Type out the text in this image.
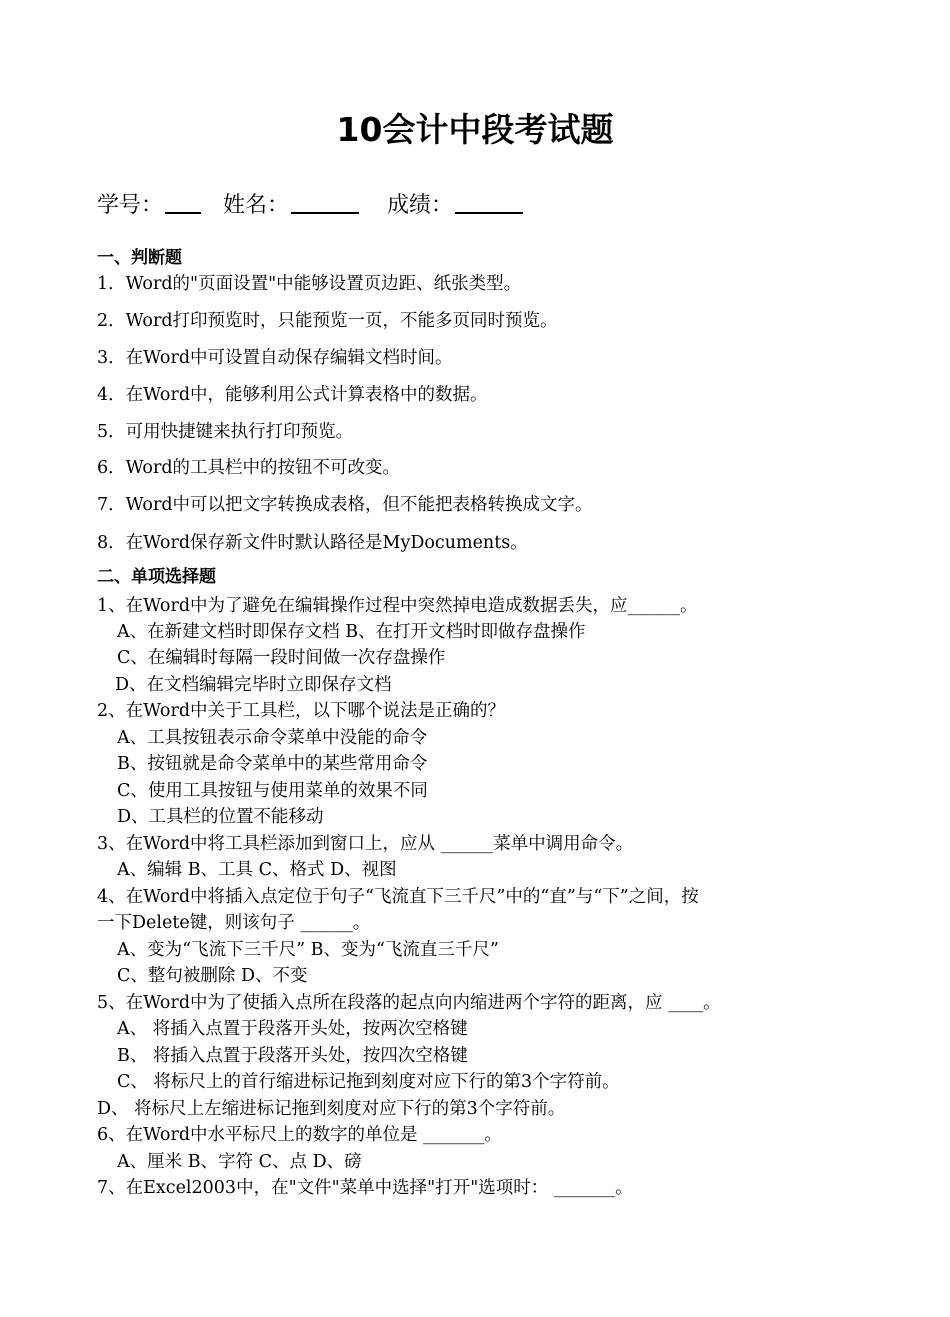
10会计中段考试题
学号：	姓名：	成绩：
一、判断题
1．Word的"页面设置"中能够设置页边距、纸张类型。
2．Word打印预览时，只能预览一页，不能多页同时预览。
3．在Word中可设置自动保存编辑文档时间。
4．在Word中，能够利用公式计算表格中的数据。
5．可用快捷键来执行打印预览。
6．Word的工具栏中的按钮不可改变。
7．Word中可以把文字转换成表格，但不能把表格转换成文字。
8．在Word保存新文件时默认路径是MyDocuments。
二、单项选择题
1、在Word中为了避免在编辑操作过程中突然掉电造成数据丢失，应______。
A、在新建文档时即保存文档 B、在打开文档时即做存盘操作
C、在编辑时每隔一段时间做一次存盘操作
D、在文档编辑完毕时立即保存文档
2、在Word中关于工具栏，以下哪个说法是正确的？
A、工具按钮表示命令菜单中没能的命令
B、按钮就是命令菜单中的某些常用命令
C、使用工具按钮与使用菜单的效果不同
D、工具栏的位置不能移动
3、在Word中将工具栏添加到窗口上，应从 ______菜单中调用命令。
A、编辑 B、工具 C、格式 D、视图
4、在Word中将插入点定位于句子“飞流直下三千尺”中的“直”与“下”之间，按
一下Delete键，则该句子 ______。
A、变为“飞流下三千尺” B、变为“飞流直三千尺”
C、整句被删除 D、不变
5、在Word中为了使插入点所在段落的起点向内缩进两个字符的距离，应 ____。
A、 将插入点置于段落开头处，按两次空格键
B、 将插入点置于段落开头处，按四次空格键
C、 将标尺上的首行缩进标记拖到刻度对应下行的第3个字符前。
D、 将标尺上左缩进标记拖到刻度对应下行的第3个字符前。
6、在Word中水平标尺上的数字的单位是 _______。
A、厘米 B、字符 C、点 D、磅
7、在Excel2003中，在"文件"菜单中选择"打开"选项时： _______。
